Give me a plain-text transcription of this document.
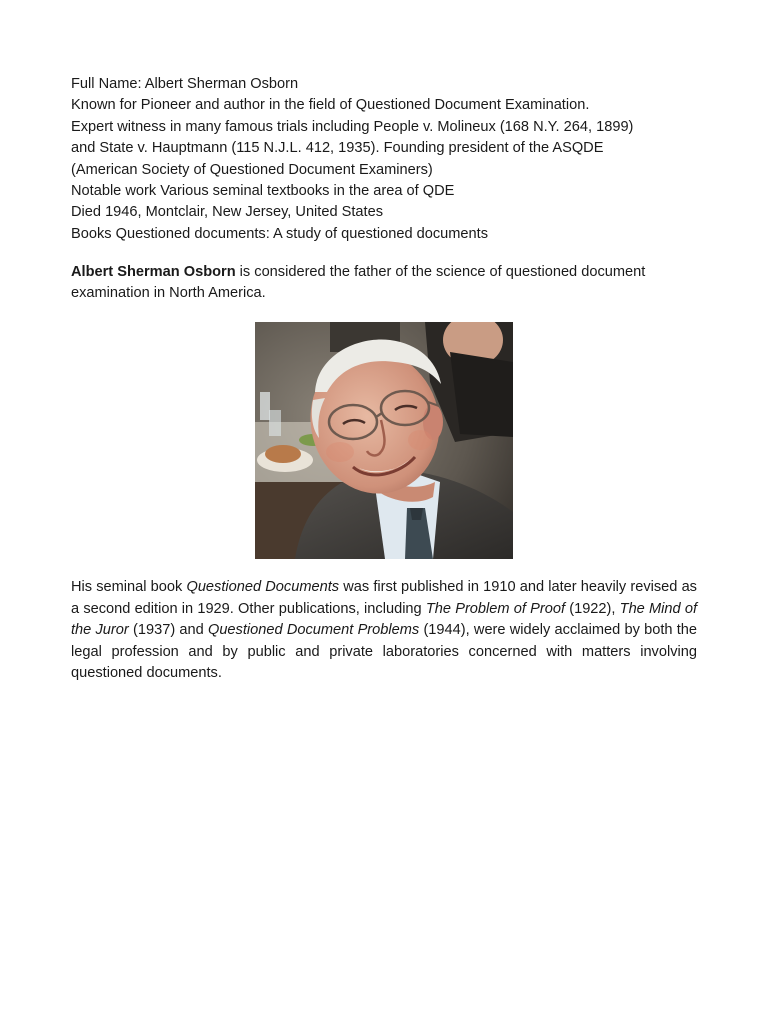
Full Name: Albert Sherman Osborn
Known for Pioneer and author in the field of Questioned Document Examination.
Expert witness in many famous trials including People v. Molineux (168 N.Y. 264, 1899)
and State v. Hauptmann (115 N.J.L. 412, 1935). Founding president of the ASQDE
(American Society of Questioned Document Examiners)
Notable work Various seminal textbooks in the area of QDE
Died 1946, Montclair, New Jersey, United States
Books Questioned documents: A study of questioned documents
Albert Sherman Osborn is considered the father of the science of questioned document examination in North America.
His seminal book Questioned Documents was first published in 1910 and later heavily revised as a second edition in 1929. Other publications, including The Problem of Proof (1922), The Mind of the Juror (1937) and Questioned Document Problems (1944), were widely acclaimed by both the legal profession and by public and private laboratories concerned with matters involving questioned documents.
